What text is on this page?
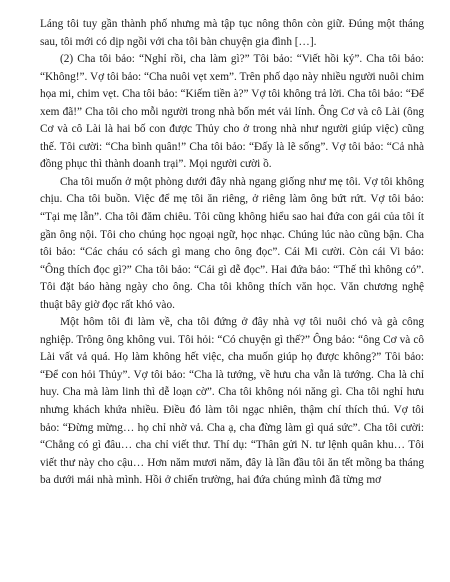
Láng tôi tuy gần thành phố nhưng mà tập tục nông thôn còn giữ. Đúng một tháng sau, tôi mới có dịp ngồi với cha tôi bàn chuyện gia đình […].

(2) Cha tôi bảo: “Nghỉ rồi, cha làm gì?” Tôi bảo: “Viết hồi ký”. Cha tôi bảo: “Không!”. Vợ tôi bảo: “Cha nuôi vẹt xem”. Trên phố dạo này nhiều người nuôi chim họa mi, chim vẹt. Cha tôi bảo: “Kiếm tiền à?” Vợ tôi không trả lời. Cha tôi bảo: “Để xem đã!” Cha tôi cho mỗi người trong nhà bốn mét vải lính. Ông Cơ và cô Lài (ông Cơ và cô Lài là hai bố con được Thủy cho ở trong nhà như người giúp việc) cũng thế. Tôi cười: “Cha bình quân!” Cha tôi bảo: “Đấy là lẽ sống”. Vợ tôi bảo: “Cả nhà đồng phục thì thành doanh trại”. Mọi người cười ồ.

Cha tôi muốn ở một phòng dưới đây nhà ngang giống như mẹ tôi. Vợ tôi không chịu. Cha tôi buồn. Việc để mẹ tôi ăn riêng, ở riêng làm ông bứt rứt. Vợ tôi bảo: “Tại mẹ lẫn”. Cha tôi đăm chiêu. Tôi cũng không hiểu sao hai đứa con gái của tôi ít gần ông nội. Tôi cho chúng học ngoại ngữ, học nhạc. Chúng lúc nào cũng bận. Cha tôi bảo: “Các cháu có sách gì mang cho ông đọc”. Cái Mi cười. Còn cái Vi bảo: “Ông thích đọc gì?” Cha tôi bảo: “Cái gì dễ đọc”. Hai đứa bảo: “Thế thì không có”. Tôi đặt báo hàng ngày cho ông. Cha tôi không thích văn học. Văn chương nghệ thuật bây giờ đọc rất khó vào.

Một hôm tôi đi làm về, cha tôi đứng ở đây nhà vợ tôi nuôi chó và gà công nghiệp. Trông ông không vui. Tôi hỏi: “Có chuyện gì thế?” Ông bảo: “ông Cơ và cô Lài vất vả quá. Họ làm không hết việc, cha muốn giúp họ được không?” Tôi bảo: “Để con hỏi Thủy”. Vợ tôi bảo: “Cha là tướng, về hưu cha vẫn là tướng. Cha là chỉ huy. Cha mà làm linh thì dễ loạn cờ”. Cha tôi không nói năng gì. Cha tôi nghỉ hưu nhưng khách khứa nhiều. Điều đó làm tôi ngạc nhiên, thậm chí thích thú. Vợ tôi bảo: “Đừng mừng… họ chỉ nhờ vả. Cha ạ, cha đừng làm gì quá sức”. Cha tôi cười: “Chẳng có gì đâu… cha chỉ viết thư. Thí dụ: “Thân gửi N. tư lệnh quân khu… Tôi viết thư này cho cậu… Hơn năm mươi năm, đây là lần đầu tôi ăn tết mồng ba tháng ba dưới mái nhà mình. Hồi ở chiến trường, hai đứa chúng mình đã từng mơ
